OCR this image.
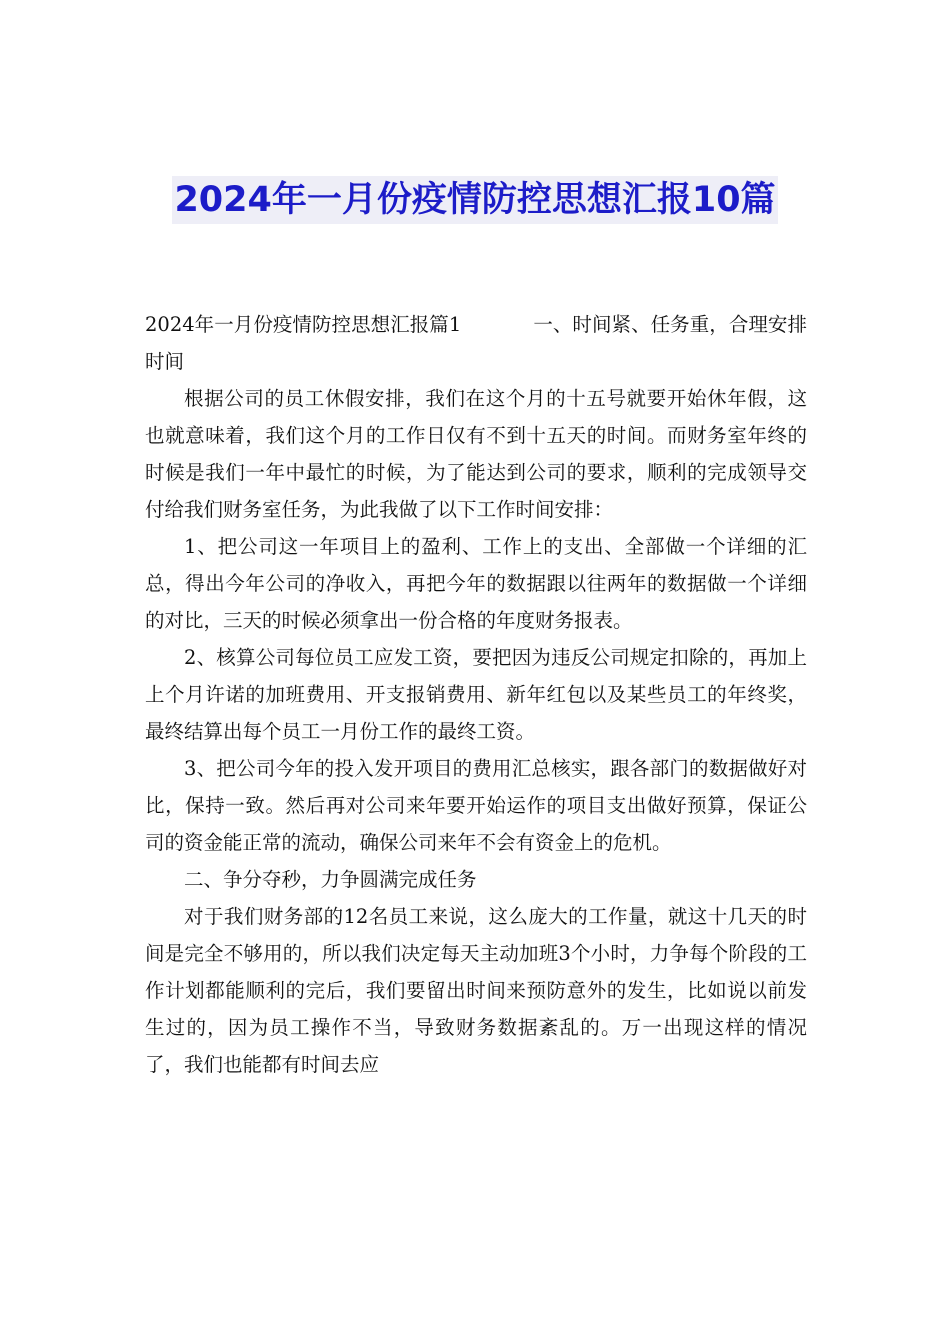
2024年一月份疫情防控思想汇报10篇

2024年一月份疫情防控思想汇报篇1	一、时间紧、任务重，合理安排时间

根据公司的员工休假安排，我们在这个月的十五号就要开始休年假，这也就意味着，我们这个月的工作日仅有不到十五天的时间。而财务室年终的时候是我们一年中最忙的时候，为了能达到公司的要求，顺利的完成领导交付给我们财务室任务，为此我做了以下工作时间安排：

1、把公司这一年项目上的盈利、工作上的支出、全部做一个详细的汇总，得出今年公司的净收入，再把今年的数据跟以往两年的数据做一个详细的对比，三天的时候必须拿出一份合格的年度财务报表。

2、核算公司每位员工应发工资，要把因为违反公司规定扣除的，再加上上个月许诺的加班费用、开支报销费用、新年红包以及某些员工的年终奖，最终结算出每个员工一月份工作的最终工资。

3、把公司今年的投入发开项目的费用汇总核实，跟各部门的数据做好对比，保持一致。然后再对公司来年要开始运作的项目支出做好预算，保证公司的资金能正常的流动，确保公司来年不会有资金上的危机。

二、争分夺秒，力争圆满完成任务

对于我们财务部的12名员工来说，这么庞大的工作量，就这十几天的时间是完全不够用的，所以我们决定每天主动加班3个小时，力争每个阶段的工作计划都能顺利的完后，我们要留出时间来预防意外的发生，比如说以前发生过的，因为员工操作不当，导致财务数据紊乱的。万一出现这样的情况了，我们也能都有时间去应
